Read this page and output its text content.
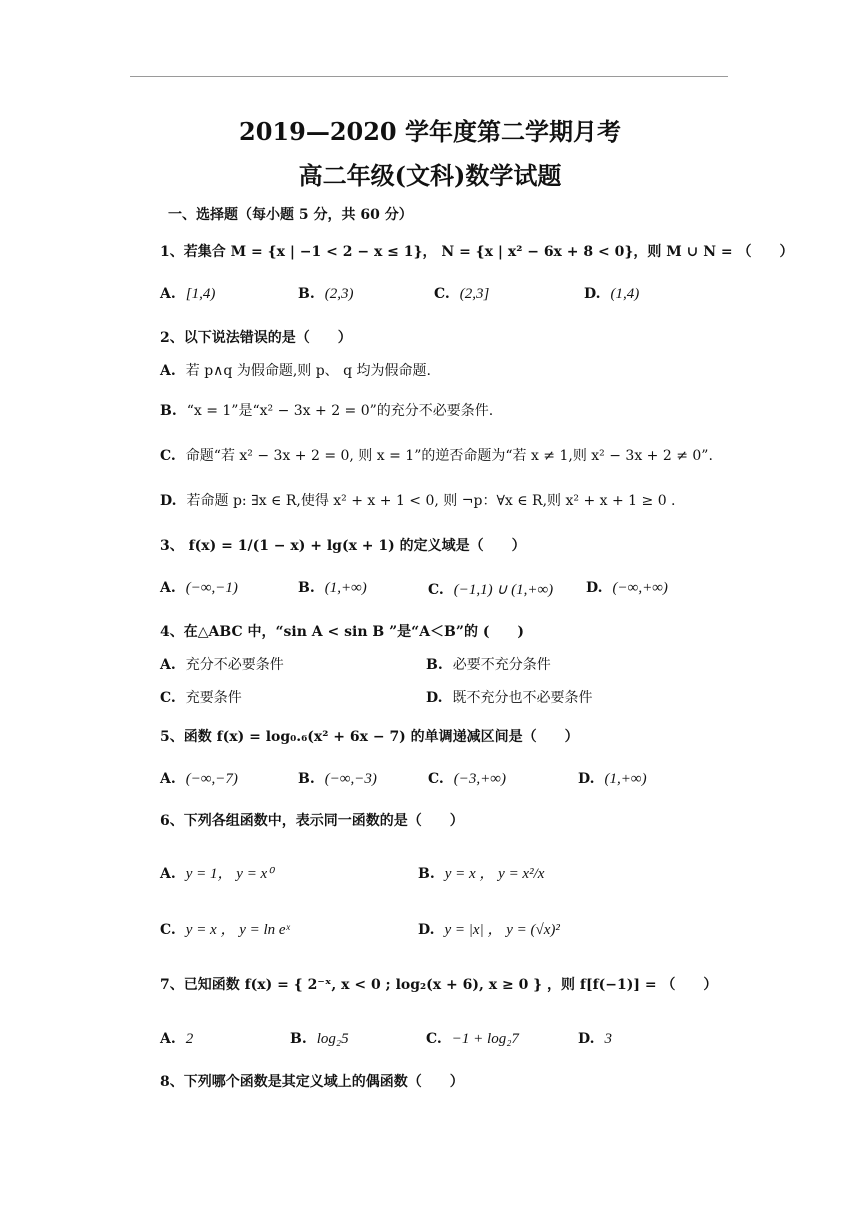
2019—2020 学年度第二学期月考
高二年级(文科)数学试题
一、选择题（每小题 5 分，共 60 分）
1、若集合 M = {x | −1 < 2 − x ≤ 1}， N = {x | x² − 6x + 8 < 0}，则 M ∪ N = （　　）
A. [1,4)	B. (2,3)	C. (2,3]	D. (1,4)
2、以下说法错误的是（　　）
A. 若 p∧q 为假命题,则 p、 q 均为假命题.
B. “x = 1”是“x² − 3x + 2 = 0”的充分不必要条件.
C. 命题“若 x² − 3x + 2 = 0, 则 x = 1”的逆否命题为“若 x ≠ 1,则 x² − 3x + 2 ≠ 0”.
D. 若命题 p: ∃x ∈ R,使得 x² + x + 1 < 0, 则 ¬p：∀x ∈ R,则 x² + x + 1 ≥ 0 .
3、 f(x) = 1/(1 − x) + lg(x + 1) 的定义域是（　　）
A. (−∞,−1)	B. (1,+∞)	C. (−1,1) ∪ (1,+∞) D. (−∞,+∞)
4、在△ABC 中，“sin A < sin B ”是“A＜B”的 (　　)
A. 充分不必要条件	B. 必要不充分条件
C. 充要条件	D. 既不充分也不必要条件
5、函数 f(x) = log₀.₆(x² + 6x − 7) 的单调递减区间是（　　）
A. (−∞,−7)	B. (−∞,−3)	C. (−3,+∞)	D. (1,+∞)
6、下列各组函数中，表示同一函数的是（　　）
A. y = 1， y = x⁰	B. y = x ， y = x²/x
C. y = x ， y = ln eˣ	D. y = |x| ， y = (√x)²
7、已知函数 f(x) = { 2⁻ˣ, x < 0 ; log₂(x + 6), x ≥ 0 } ，则 f[f(−1)] = （　　）
A. 2	B. log₂5	C. −1 + log₂7	D. 3
8、下列哪个函数是其定义域上的偶函数（　　）
